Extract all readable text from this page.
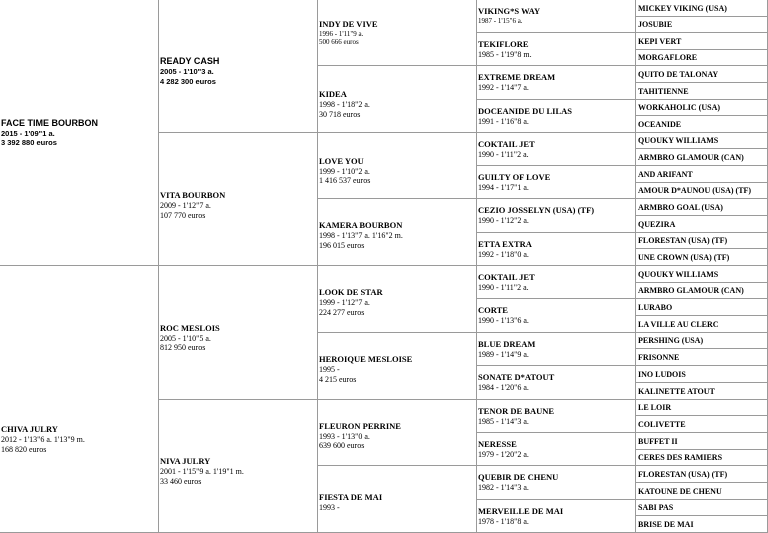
FACE TIME BOURBON
2015 - 1'09"1 a.
3 392 880 euros
CHIVA JULRY
2012 - 1'13"6 a. 1'13"9 m.
168 820 euros
READY CASH
2005 - 1'10"3 a.
4 282 300 euros
VITA BOURBON
2009 - 1'12"7 a.
107 770 euros
ROC MESLOIS
2005 - 1'10"5 a.
812 950 euros
NIVA JULRY
2001 - 1'15"9 a. 1'19"1 m.
33 460 euros
INDY DE VIVE
1996 - 1'11"9 a.
500 666 euros
KIDEA
1998 - 1'18"2 a.
30 718 euros
LOVE YOU
1999 - 1'10"2 a.
1 416 537 euros
KAMERA BOURBON
1998 - 1'13"7 a. 1'16"2 m.
196 015 euros
LOOK DE STAR
1999 - 1'12"7 a.
224 277 euros
HEROIQUE MESLOISE
1995 -
4 215 euros
FLEURON PERRINE
1993 - 1'13"0 a.
639 600 euros
FIESTA DE MAI
1993 -
VIKING*S WAY
1987 - 1'15"6 a.
TEKIFLORE
1985 - 1'19"8 m.
EXTREME DREAM
1992 - 1'14"7 a.
DOCEANIDE DU LILAS
1991 - 1'16"8 a.
COKTAIL JET
1990 - 1'11"2 a.
GUILTY OF LOVE
1994 - 1'17"1 a.
CEZIO JOSSELYN (USA) (TF)
1990 - 1'12"2 a.
ETTA EXTRA
1992 - 1'18"0 a.
COKTAIL JET
1990 - 1'11"2 a.
CORTE
1990 - 1'13"6 a.
BLUE DREAM
1989 - 1'14"9 a.
SONATE D*ATOUT
1984 - 1'20"6 a.
TENOR DE BAUNE
1985 - 1'14"3 a.
NERESSE
1979 - 1'20"2 a.
QUEBIR DE CHENU
1982 - 1'14"3 a.
MERVEILLE DE MAI
1978 - 1'18"8 a.
MICKEY VIKING (USA)
JOSUBIE
KEPI VERT
MORGAFLORE
QUITO DE TALONAY
TAHITIENNE
WORKAHOLIC (USA)
OCEANIDE
QUOUKY WILLIAMS
ARMBRO GLAMOUR (CAN)
AND ARIFANT
AMOUR D*AUNOU (USA) (TF)
ARMBRO GOAL (USA)
QUEZIRA
FLORESTAN (USA) (TF)
UNE CROWN (USA) (TF)
QUOUKY WILLIAMS
ARMBRO GLAMOUR (CAN)
LURABO
LA VILLE AU CLERC
PERSHING (USA)
FRISONNE
INO LUDOIS
KALINETTE ATOUT
LE LOIR
COLIVETTE
BUFFET II
CERES DES RAMIERS
FLORESTAN (USA) (TF)
KATOUNE DE CHENU
SABI PAS
BRISE DE MAI
